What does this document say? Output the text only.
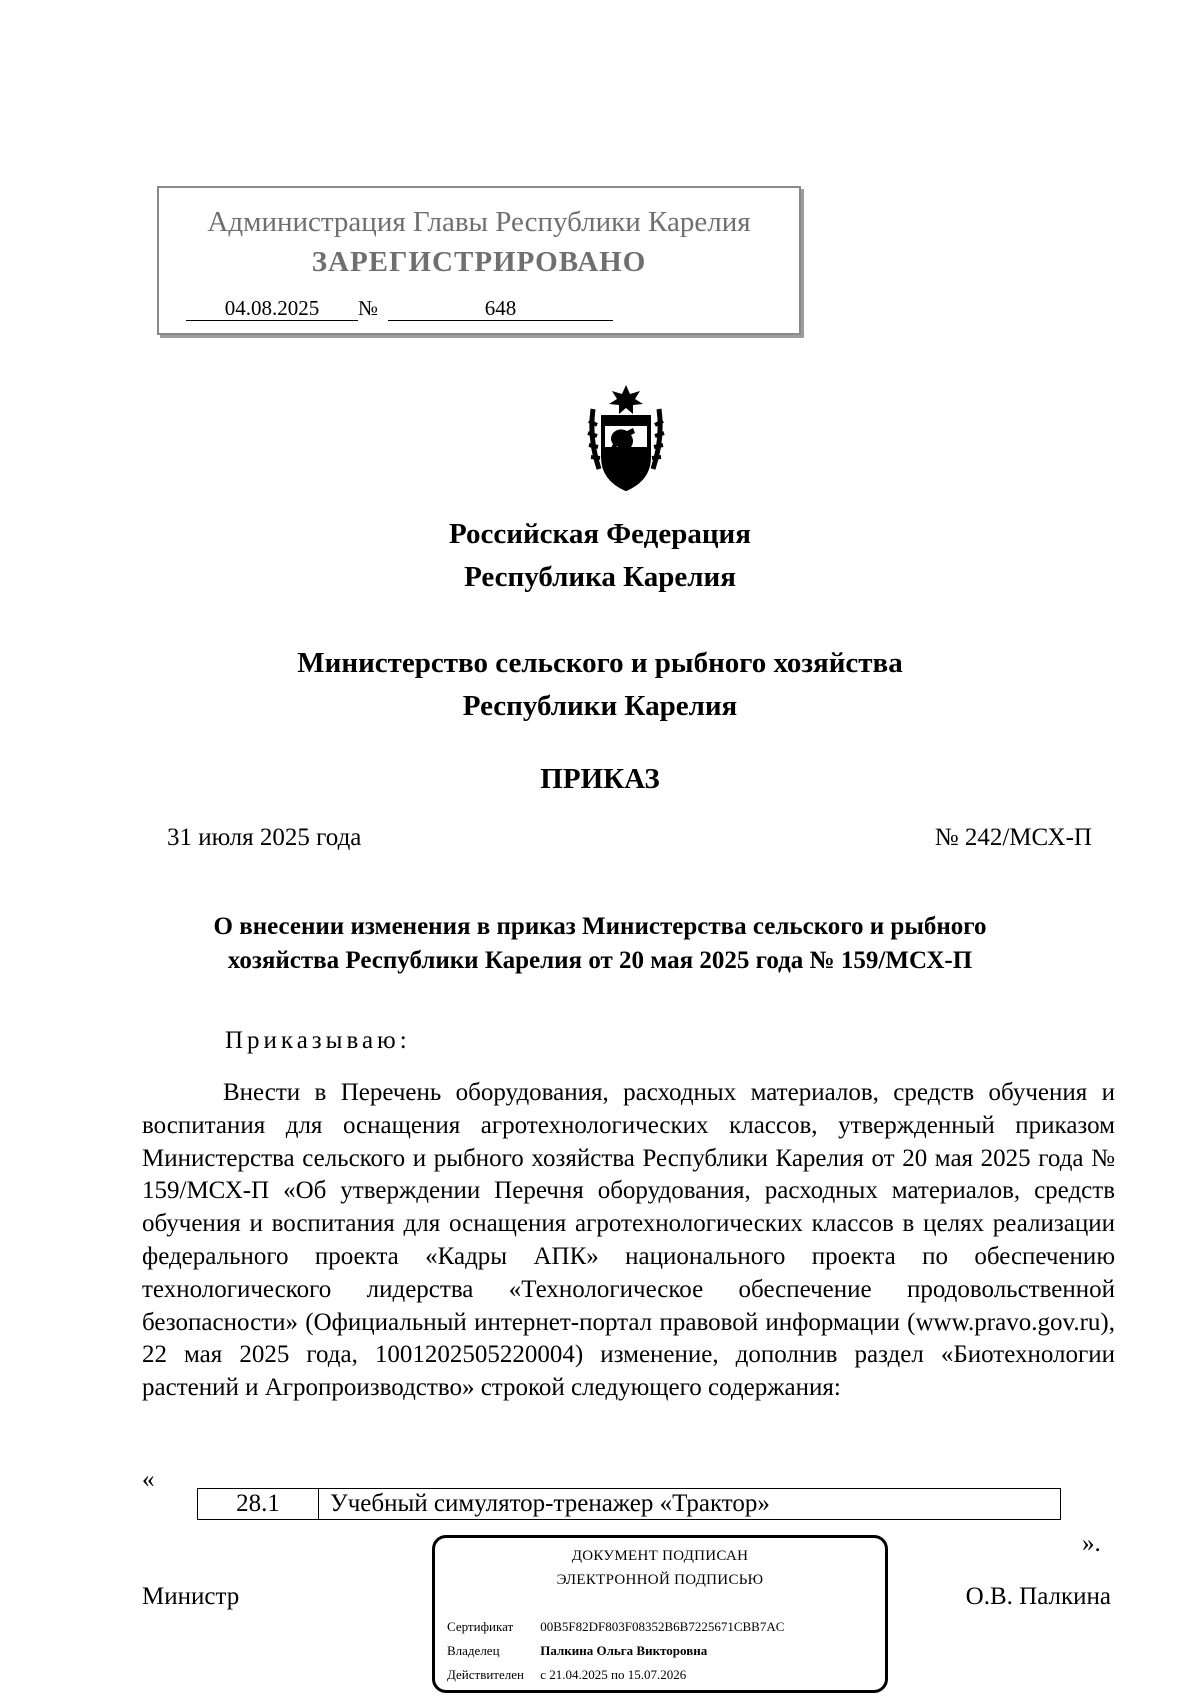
Администрация Главы Республики Карелия
ЗАРЕГИСТРИРОВАНО
04.08.2025	№	648
Российская Федерация
Республика Карелия
Министерство сельского и рыбного хозяйства
Республики Карелия
ПРИКАЗ
31 июля 2025 года	№ 242/МСХ-П
О внесении изменения в приказ Министерства сельского и рыбного
хозяйства Республики Карелия от 20 мая 2025 года № 159/МСХ-П
Приказываю:
Внести в Перечень оборудования, расходных материалов, средств обучения и воспитания для оснащения агротехнологических классов, утвержденный приказом Министерства сельского и рыбного хозяйства Республики Карелия от 20 мая 2025 года № 159/МСХ-П «Об утверждении Перечня оборудования, расходных материалов, средств обучения и воспитания для оснащения агротехнологических классов в целях реализации федерального проекта «Кадры АПК» национального проекта по обеспечению технологического лидерства «Технологическое обеспечение продовольственной безопасности» (Официальный интернет-портал правовой информации (www.pravo.gov.ru), 22 мая 2025 года, 1001202505220004) изменение, дополнив раздел «Биотехнологии растений и Агропроизводство» строкой следующего содержания:
«
28.1	Учебный симулятор-тренажер «Трактор»
».
Министр	О.В. Палкина
ДОКУМЕНТ ПОДПИСАН
ЭЛЕКТРОННОЙ ПОДПИСЬЮ
Сертификат 00B5F82DF803F08352B6B7225671CBB7AC
Владелец	Палкина Ольга Викторовна
Действителен с 21.04.2025 по 15.07.2026
